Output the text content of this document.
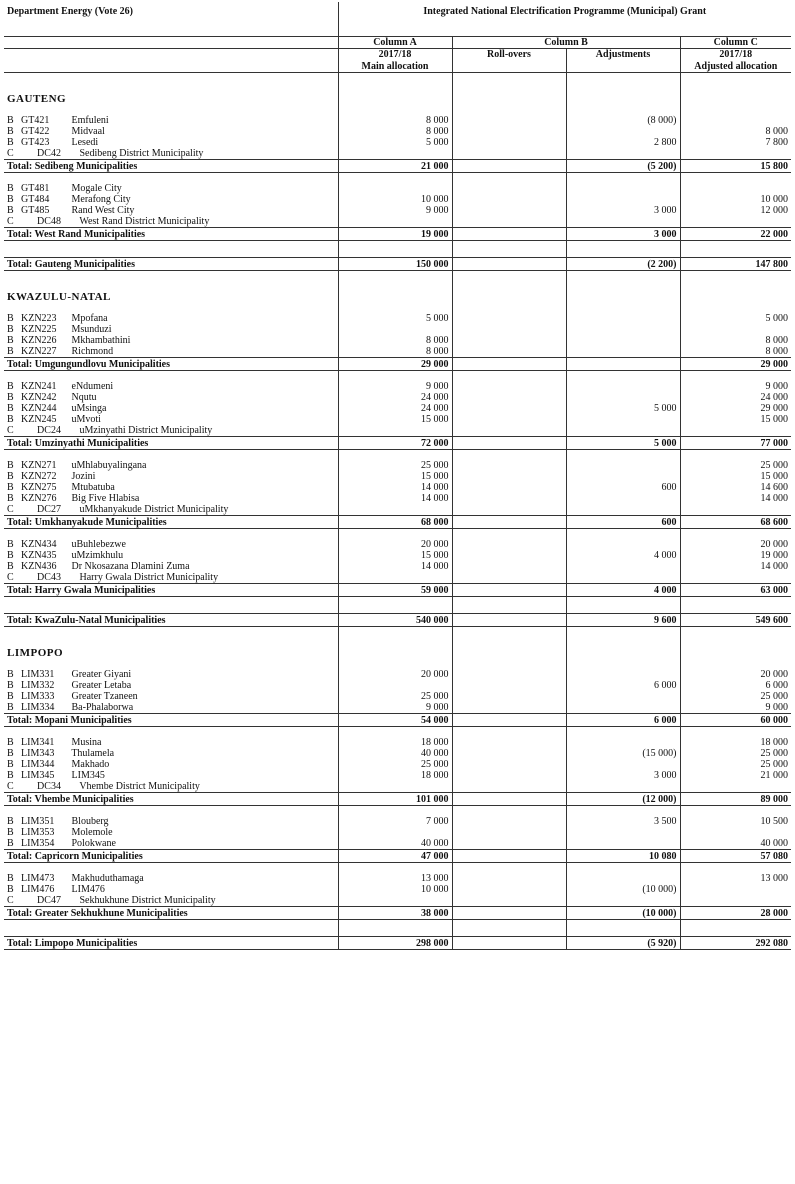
Department Energy (Vote 26)	Integrated National Electrification Programme (Municipal) Grant			
	Column A	Column B		Column C
	2017/18	Roll-overs	Adjustments	2017/18
	Main allocation			Adjusted allocation

GAUTENG				

B GT421 Emfuleni	8 000		(8 000)	
B GT422 Midvaal	8 000			8 000
B GT423 Lesedi	5 000		2 800	7 800
C DC42 Sedibeng District Municipality				
Total: Sedibeng Municipalities	21 000		(5 200)	15 800

B GT481 Mogale City				
B GT484 Merafong City	10 000			10 000
B GT485 Rand West City	9 000		3 000	12 000
C DC48 West Rand District Municipality				
Total: West Rand Municipalities	19 000		3 000	22 000

Total: Gauteng Municipalities	150 000		(2 200)	147 800

KWAZULU-NATAL				

B KZN223 Mpofana	5 000			5 000
B KZN225 Msunduzi				
B KZN226 Mkhambathini	8 000			8 000
B KZN227 Richmond	8 000			8 000
Total: Umgungundlovu Municipalities	29 000			29 000

B KZN241 eNdumeni	9 000			9 000
B KZN242 Nqutu	24 000			24 000
B KZN244 uMsinga	24 000		5 000	29 000
B KZN245 uMvoti	15 000			15 000
C DC24 uMzinyathi District Municipality				
Total: Umzinyathi Municipalities	72 000		5 000	77 000

B KZN271 uMhlabuyalingana	25 000			25 000
B KZN272 Jozini	15 000			15 000
B KZN275 Mtubatuba	14 000		600	14 600
B KZN276 Big Five Hlabisa	14 000			14 000
C DC27 uMkhanyakude District Municipality				
Total: Umkhanyakude Municipalities	68 000		600	68 600

B KZN434 uBuhlebezwe	20 000			20 000
B KZN435 uMzimkhulu	15 000		4 000	19 000
B KZN436 Dr Nkosazana Dlamini Zuma	14 000			14 000
C DC43 Harry Gwala District Municipality				
Total: Harry Gwala Municipalities	59 000		4 000	63 000

Total: KwaZulu-Natal Municipalities	540 000		9 600	549 600

LIMPOPO				

B LIM331 Greater Giyani	20 000			20 000
B LIM332 Greater Letaba			6 000	6 000
B LIM333 Greater Tzaneen	25 000			25 000
B LIM334 Ba-Phalaborwa	9 000			9 000
Total: Mopani Municipalities	54 000		6 000	60 000

B LIM341 Musina	18 000			18 000
B LIM343 Thulamela	40 000		(15 000)	25 000
B LIM344 Makhado	25 000			25 000
B LIM345 LIM345	18 000		3 000	21 000
C DC34 Vhembe District Municipality				
Total: Vhembe Municipalities	101 000		(12 000)	89 000

B LIM351 Blouberg	7 000		3 500	10 500
B LIM353 Molemole				
B LIM354 Polokwane	40 000			40 000
Total: Capricorn Municipalities	47 000		10 080	57 080

B LIM473 Makhuduthamaga	13 000			13 000
B LIM476 LIM476	10 000		(10 000)	
C DC47 Sekhukhune District Municipality				
Total: Greater Sekhukhune Municipalities	38 000		(10 000)	28 000

Total: Limpopo Municipalities	298 000		(5 920)	292 080
